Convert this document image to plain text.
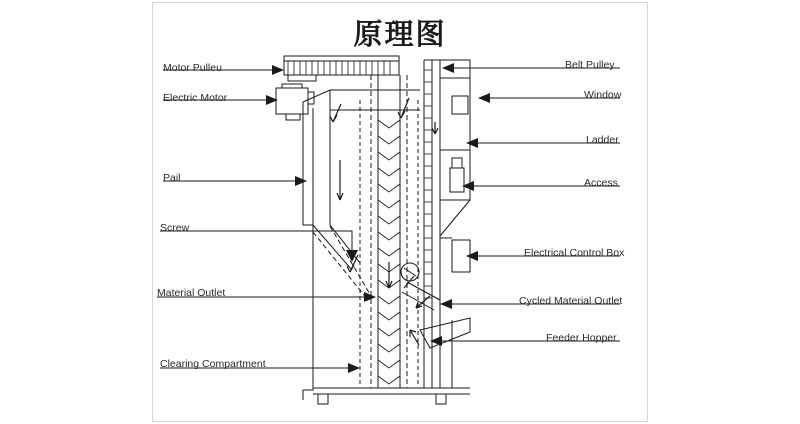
原理图
Motor Pulleu
Electric Motor
Pail
Screw
Material Outlet
Clearing Compartment
Belt Pulley
Window
Ladder
Access
Electrical Control Box
Cycled Material Outlet
Feeder Hopper
